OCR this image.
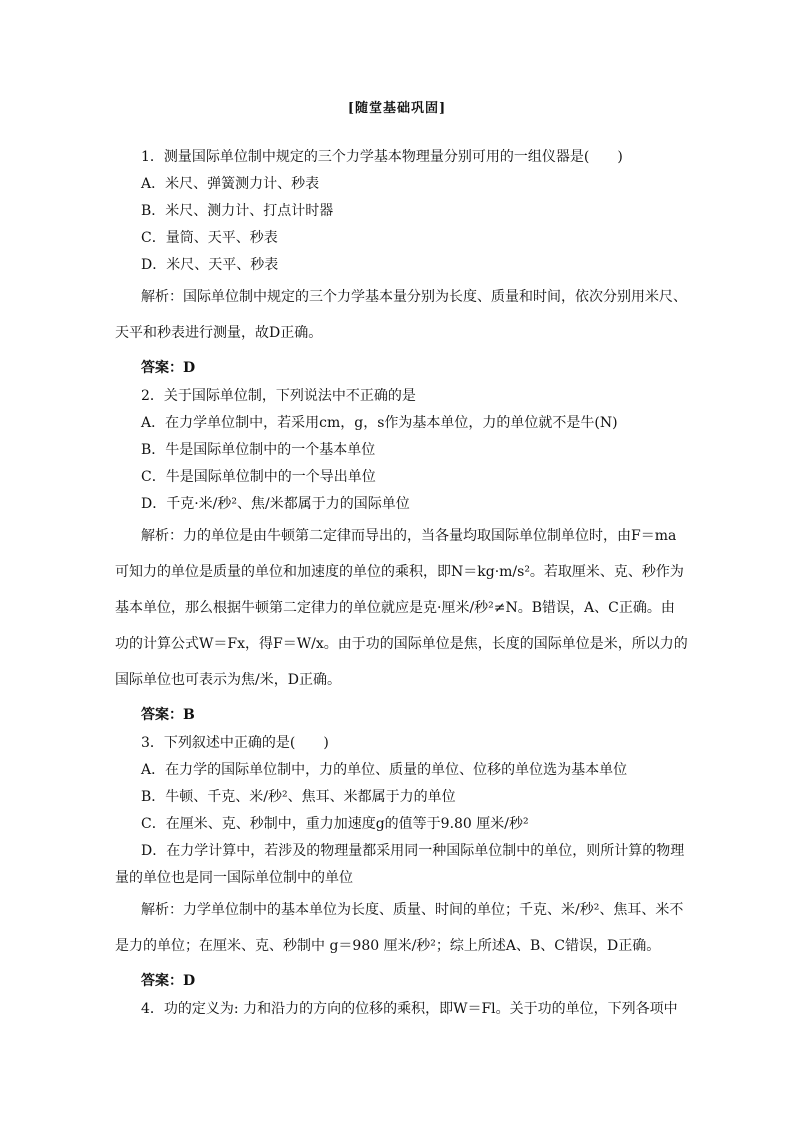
[随堂基础巩固]
1．测量国际单位制中规定的三个力学基本物理量分别可用的一组仪器是(　　)
A．米尺、弹簧测力计、秒表
B．米尺、测力计、打点计时器
C．量筒、天平、秒表
D．米尺、天平、秒表
解析：国际单位制中规定的三个力学基本量分别为长度、质量和时间，依次分别用米尺、
天平和秒表进行测量，故D正确。
答案：D
2．关于国际单位制，下列说法中不正确的是
A．在力学单位制中，若采用cm，g，s作为基本单位，力的单位就不是牛(N)
B．牛是国际单位制中的一个基本单位
C．牛是国际单位制中的一个导出单位
D．千克·米/秒²、焦/米都属于力的国际单位
解析：力的单位是由牛顿第二定律而导出的，当各量均取国际单位制单位时，由F＝ma
可知力的单位是质量的单位和加速度的单位的乘积，即N＝kg·m/s²。若取厘米、克、秒作为
基本单位，那么根据牛顿第二定律力的单位就应是克·厘米/秒²≠N。B错误，A、C正确。由
功的计算公式W＝Fx，得F＝W/x。由于功的国际单位是焦，长度的国际单位是米，所以力的
国际单位也可表示为焦/米，D正确。
答案：B
3．下列叙述中正确的是(　　)
A．在力学的国际单位制中，力的单位、质量的单位、位移的单位选为基本单位
B．牛顿、千克、米/秒²、焦耳、米都属于力的单位
C．在厘米、克、秒制中，重力加速度g的值等于9.80 厘米/秒²
D．在力学计算中，若涉及的物理量都采用同一种国际单位制中的单位，则所计算的物理
量的单位也是同一国际单位制中的单位
解析：力学单位制中的基本单位为长度、质量、时间的单位；千克、米/秒²、焦耳、米不
是力的单位；在厘米、克、秒制中 g＝980 厘米/秒²；综上所述A、B、C错误，D正确。
答案：D
4．功的定义为: 力和沿力的方向的位移的乘积，即W＝Fl。关于功的单位，下列各项中
